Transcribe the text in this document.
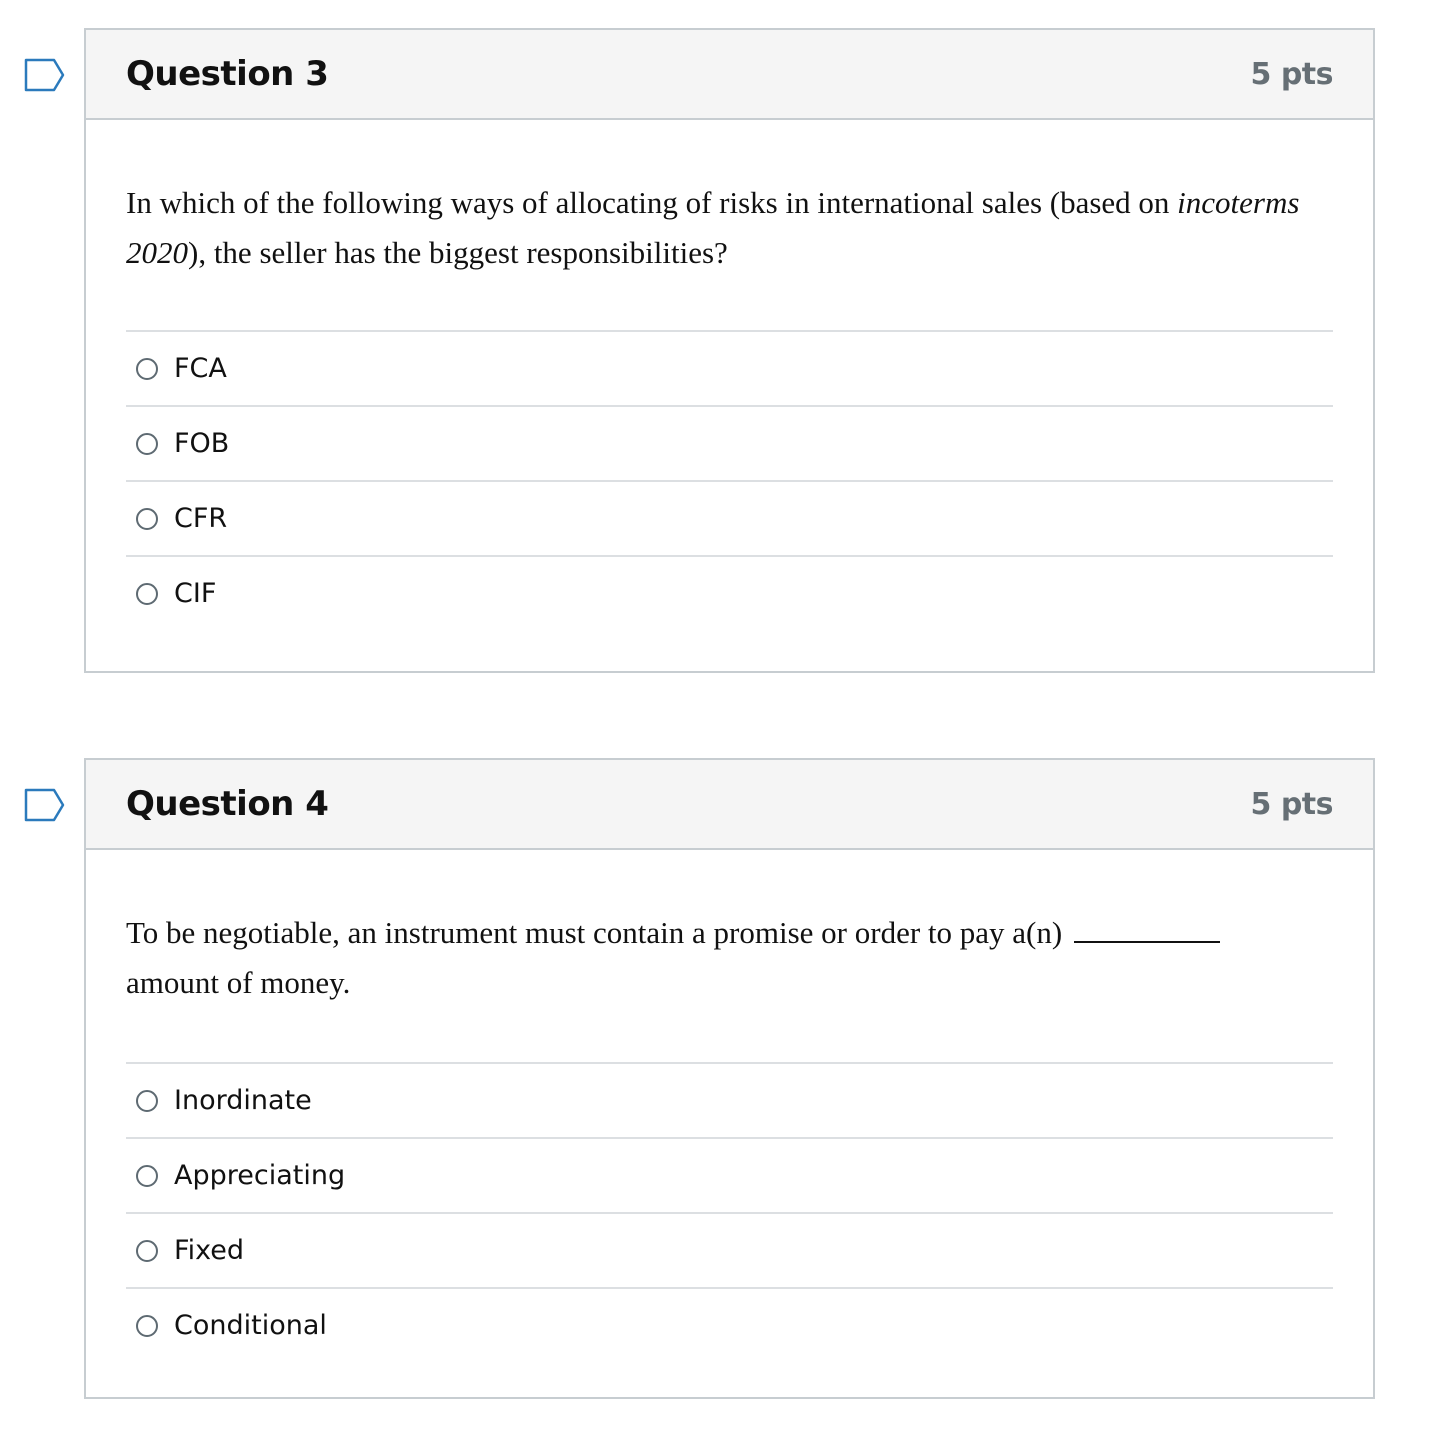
Question 3	5 pts
In which of the following ways of allocating of risks in international sales (based on incoterms 2020), the seller has the biggest responsibilities?
FCA
FOB
CFR
CIF
Question 4	5 pts
To be negotiable, an instrument must contain a promise or order to pay a(n)
amount of money.
Inordinate
Appreciating
Fixed
Conditional
